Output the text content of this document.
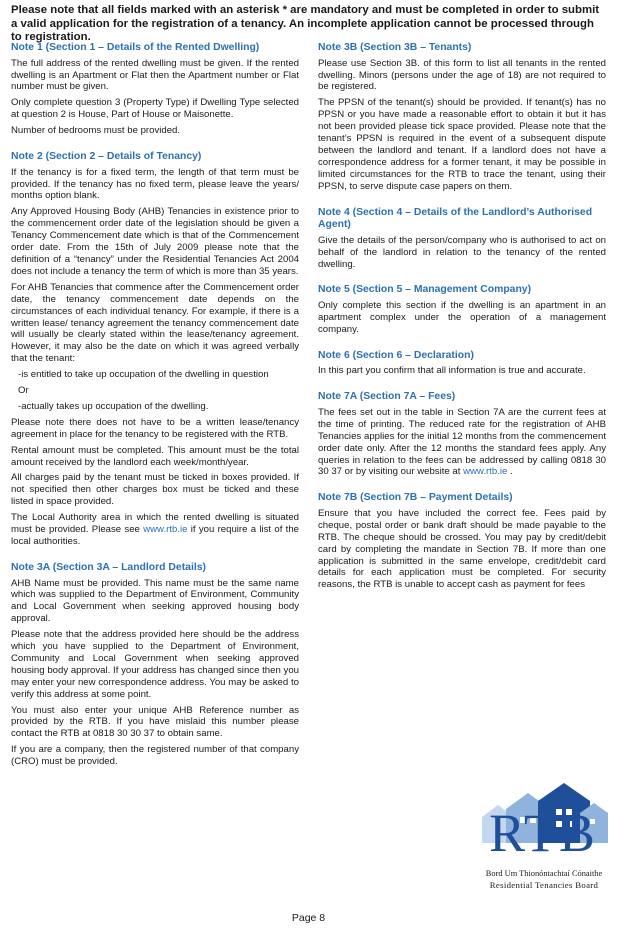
Please note that all fields marked with an asterisk * are mandatory and must be completed in order to submit a valid application for the registration of a tenancy. An incomplete application cannot be processed through to registration.
Note 1 (Section 1 – Details of the Rented Dwelling)

The full address of the rented dwelling must be given. If the rented dwelling is an Apartment or Flat then the Apartment number or Flat number must be given.

Only complete question 3 (Property Type) if Dwelling Type selected at question 2 is House, Part of House or Maisonette.

Number of bedrooms must be provided.

Note 2 (Section 2 – Details of Tenancy)

If the tenancy is for a fixed term, the length of that term must be provided. If the tenancy has no fixed term, please leave the years/ months option blank.

Any Approved Housing Body (AHB) Tenancies in existence prior to the commencement order date of the legislation should be given a Tenancy Commencement date which is that of the Commencement order date. From the 15th of July 2009 please note that the definition of a “tenancy” under the Residential Tenancies Act 2004 does not include a tenancy the term of which is more than 35 years.

For AHB Tenancies that commence after the Commencement order date, the tenancy commencement date depends on the circumstances of each individual tenancy. For example, if there is a written lease/ tenancy agreement the tenancy commencement date will usually be clearly stated within the lease/tenancy agreement. However, it may also be the date on which it was agreed verbally that the tenant:

-is entitled to take up occupation of the dwelling in question

Or

-actually takes up occupation of the dwelling.

Please note there does not have to be a written lease/tenancy agreement in place for the tenancy to be registered with the RTB.

Rental amount must be completed. This amount must be the total amount received by the landlord each week/month/year.

All charges paid by the tenant must be ticked in boxes provided. If not specified then other charges box must be ticked and these listed in space provided.

The Local Authority area in which the rented dwelling is situated must be provided. Please see www.rtb.ie if you require a list of the local authorities.

Note 3A (Section 3A – Landlord Details)

AHB Name must be provided. This name must be the same name which was supplied to the Department of Environment, Community and Local Government when seeking approved housing body approval.

Please note that the address provided here should be the address which you have supplied to the Department of Environment, Community and Local Government when seeking approved housing body approval. If your address has changed since then you may enter your new correspondence address. You may be asked to verify this address at some point.

You must also enter your unique AHB Reference number as provided by the RTB. If you have mislaid this number please contact the RTB at 0818 30 30 37 to obtain same.

If you are a company, then the registered number of that company (CRO) must be provided.

Note 3B (Section 3B – Tenants)

Please use Section 3B. of this form to list all tenants in the rented dwelling. Minors (persons under the age of 18) are not required to be registered.

The PPSN of the tenant(s) should be provided. If tenant(s) has no PPSN or you have made a reasonable effort to obtain it but it has not been provided please tick space provided. Please note that the tenant’s PPSN is required in the event of a subsequent dispute between the landlord and tenant. If a landlord does not have a correspondence address for a former tenant, it may be possible in limited circumstances for the RTB to trace the tenant, using their PPSN, to serve dispute case papers on them.

Note 4 (Section 4 – Details of the Landlord’s Authorised Agent)

Give the details of the person/company who is authorised to act on behalf of the landlord in relation to the tenancy of the rented dwelling.

Note 5 (Section 5 – Management Company)

Only complete this section if the dwelling is an apartment in an apartment complex under the operation of a management company.

Note 6 (Section 6 – Declaration)

In this part you confirm that all information is true and accurate.

Note 7A (Section 7A – Fees)

The fees set out in the table in Section 7A are the current fees at the time of printing. The reduced rate for the registration of AHB Tenancies applies for the initial 12 months from the commencement order date only. After the 12 months the standard fees apply. Any queries in relation to the fees can be addressed by calling 0818 30 30 37 or by visiting our website at www.rtb.ie .

Note 7B (Section 7B – Payment Details)

Ensure that you have included the correct fee. Fees paid by cheque, postal order or bank draft should be made payable to the RTB. The cheque should be crossed. You may pay by credit/debit card by completing the mandate in Section 7B. If more than one application is submitted in the same envelope, credit/debit card details for each application must be completed. For security reasons, the RTB is unable to accept cash as payment for fees

RTB
Bord Um Thionóntachtaí Cónaithe
Residential Tenancies Board
Page 8
